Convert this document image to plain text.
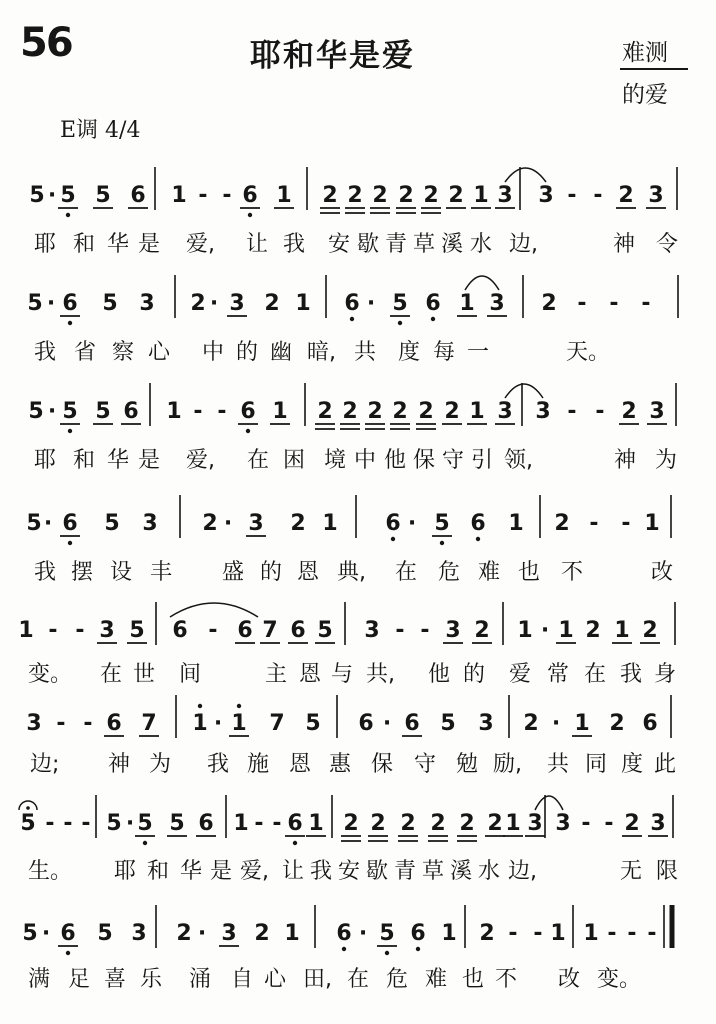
56	耶和华是爱	难测
的爱
E调 4/4
5 · 5 5 6 1 - - 6 1 2 2 2 2 2 2 1 3 3 - - 2 3
耶 和 华 是 爱, 让 我 安 歇 青 草 溪 水 边,	神 令
5 · 6 5 3 2 · 3 2 1 6 · 5 6 1 3 2 - - -
我 省 察 心 中 的 幽 暗, 共 度 每 一	天。
5 · 5 5 6 1 - - 6 1 2 2 2 2 2 2 1 3 3 - - 2 3
耶 和 华 是 爱, 在 困 境 中 他 保 守 引 领,	神 为
5 · 6 5 3 2 · 3 2 1 6 · 5 6 1 2 - - 1
我 摆 设 丰 盛 的 恩 典, 在 危 难 也 不	改
1 - - 3 5 6 - 6 7 6 5 3 - - 3 2 1 · 1 2 1 2
变。 在 世 间	主 恩 与 共, 他 的 爱 常 在 我 身
3 - - 6 7 1 · 1 7 5 6 · 6 5 3 2 · 1 2 6
边; 神 为 我 施 恩 惠 保 守 勉 励, 共 同 度 此
5 - - - 5 · 5 5 6 1 - - 6 1 2 2 2 2 2 2 1 3 3 - - 2 3
生。 耶 和 华 是 爱, 让 我 安 歇 青 草 溪 水 边,	无 限
5 · 6 5 3 2 · 3 2 1 6 · 5 6 1 2 - - 1 1 - - -
满 足 喜 乐 涌 自 心 田, 在 危 难 也 不 改 变。
